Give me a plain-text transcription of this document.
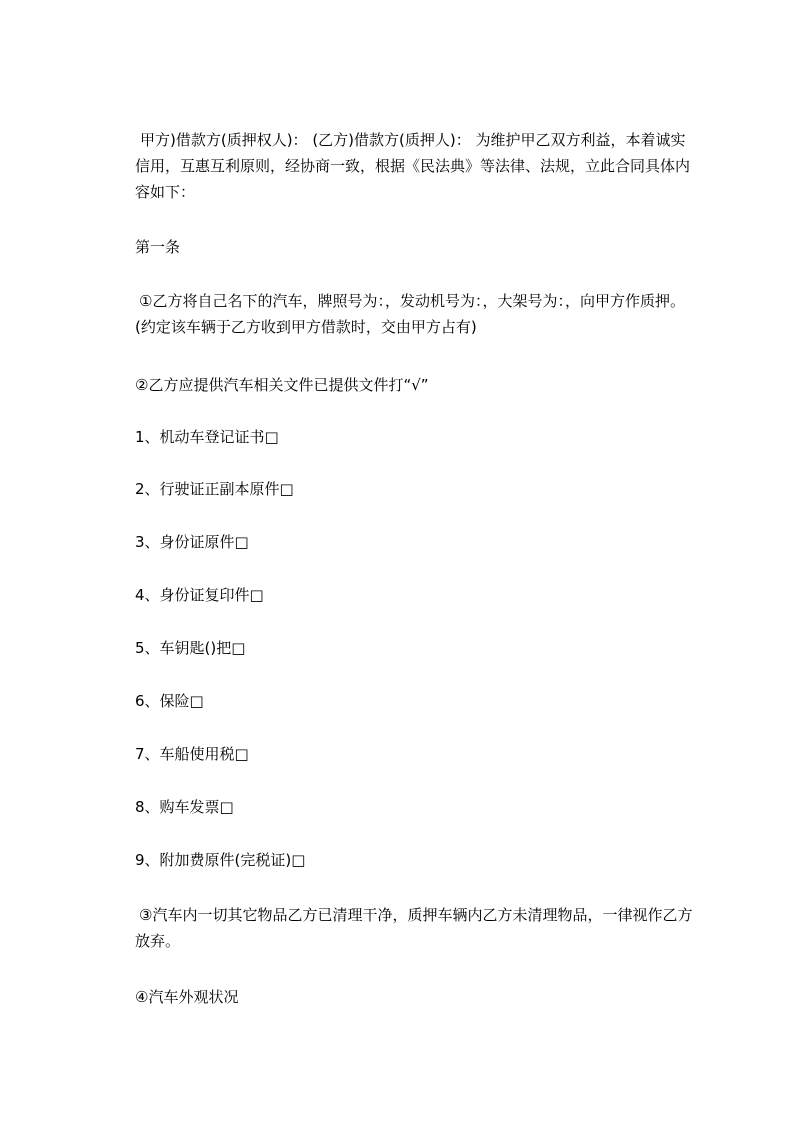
甲方)借款方(质押权人)： (乙方)借款方(质押人)： 为维护甲乙双方利益，本着诚实信用，互惠互利原则，经协商一致，根据《民法典》等法律、法规，立此合同具体内容如下：

第一条

①乙方将自己名下的汽车，牌照号为：，发动机号为：，大架号为：，向甲方作质押。(约定该车辆于乙方收到甲方借款时，交由甲方占有)

②乙方应提供汽车相关文件已提供文件打“√”

1、机动车登记证书□

2、行驶证正副本原件□

3、身份证原件□

4、身份证复印件□

5、车钥匙()把□

6、保险□

7、车船使用税□

8、购车发票□

9、附加费原件(完税证)□

③汽车内一切其它物品乙方已清理干净，质押车辆内乙方未清理物品，一律视作乙方放弃。

④汽车外观状况
